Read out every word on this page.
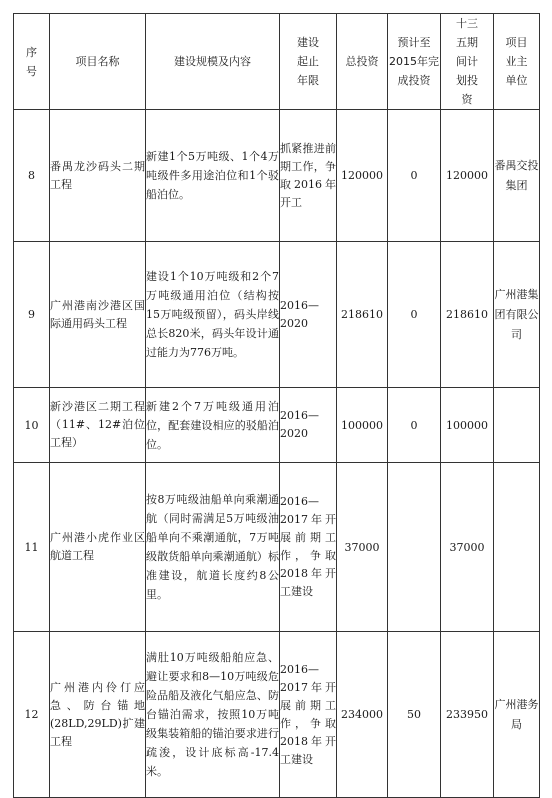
序号	项目名称	建设规模及内容	建设起止年限	总投资	预计至2015年完成投资	十三五期间计划投资	项目业主单位
8	番禺龙沙码头二期工程	新建1个5万吨级、1个4万吨级件多用途泊位和1个驳船泊位。	抓紧推进前期工作，争取2016年开工	120000	0	120000	番禺交投集团
9	广州港南沙港区国际通用码头工程	建设1个10万吨级和2个7万吨级通用泊位（结构按15万吨级预留），码头岸线总长820米，码头年设计通过能力为776万吨。	2016—2020	218610	0	218610	广州港集团有限公司
10	新沙港区二期工程（11#、12#泊位工程）	新建2个7万吨级通用泊位，配套建设相应的驳船泊位。	2016—2020	100000	0	100000	
11	广州港小虎作业区航道工程	按8万吨级油船单向乘潮通航（同时需满足5万吨级油船单向不乘潮通航，7万吨级散货船单向乘潮通航）标准建设，航道长度约8公里。	2016—2017年开展前期工作，争取2018年开工建设	37000		37000	
12	广州港内伶仃应急、防台锚地(28LD,29LD)扩建工程	满肚10万吨级船舶应急、避让要求和8—10万吨级危险品船及液化气船应急、防台锚泊需求，按照10万吨级集装箱船的锚泊要求进行疏浚，设计底标高-17.4米。	2016—2017年开展前期工作，争取2018年开工建设	234000	50	233950	广州港务局
